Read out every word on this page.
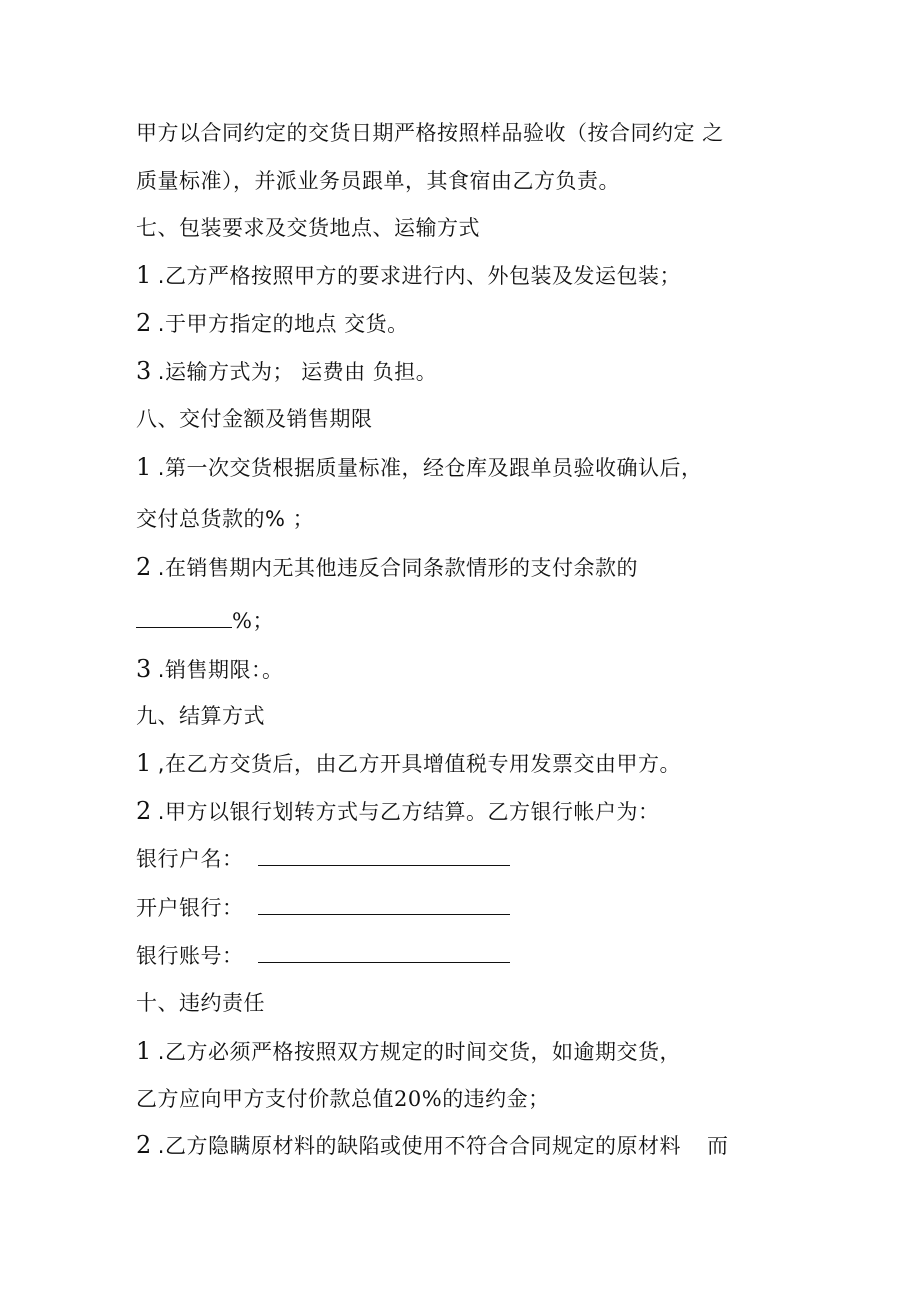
甲方以合同约定的交货日期严格按照样品验收（按合同约定 之
质量标准），并派业务员跟单，其食宿由乙方负责。
七、包装要求及交货地点、运输方式
1 .乙方严格按照甲方的要求进行内、外包装及发运包装；
2 .于甲方指定的地点 交货。
3 .运输方式为； 运费由 负担。
八、交付金额及销售期限
1 .第一次交货根据质量标准，经仓库及跟单员验收确认后，
交付总货款的% ；
2 .在销售期内无其他违反合同条款情形的支付余款的
%；
3 .销售期限：。
九、结算方式
1 ,在乙方交货后，由乙方开具增值税专用发票交由甲方。
2 .甲方以银行划转方式与乙方结算。乙方银行帐户为：
银行户名：
开户银行：
银行账号：
十、违约责任
1 .乙方必须严格按照双方规定的时间交货，如逾期交货，
乙方应向甲方支付价款总值20%的违约金；
2 .乙方隐瞒原材料的缺陷或使用不符合合同规定的原材料 而
